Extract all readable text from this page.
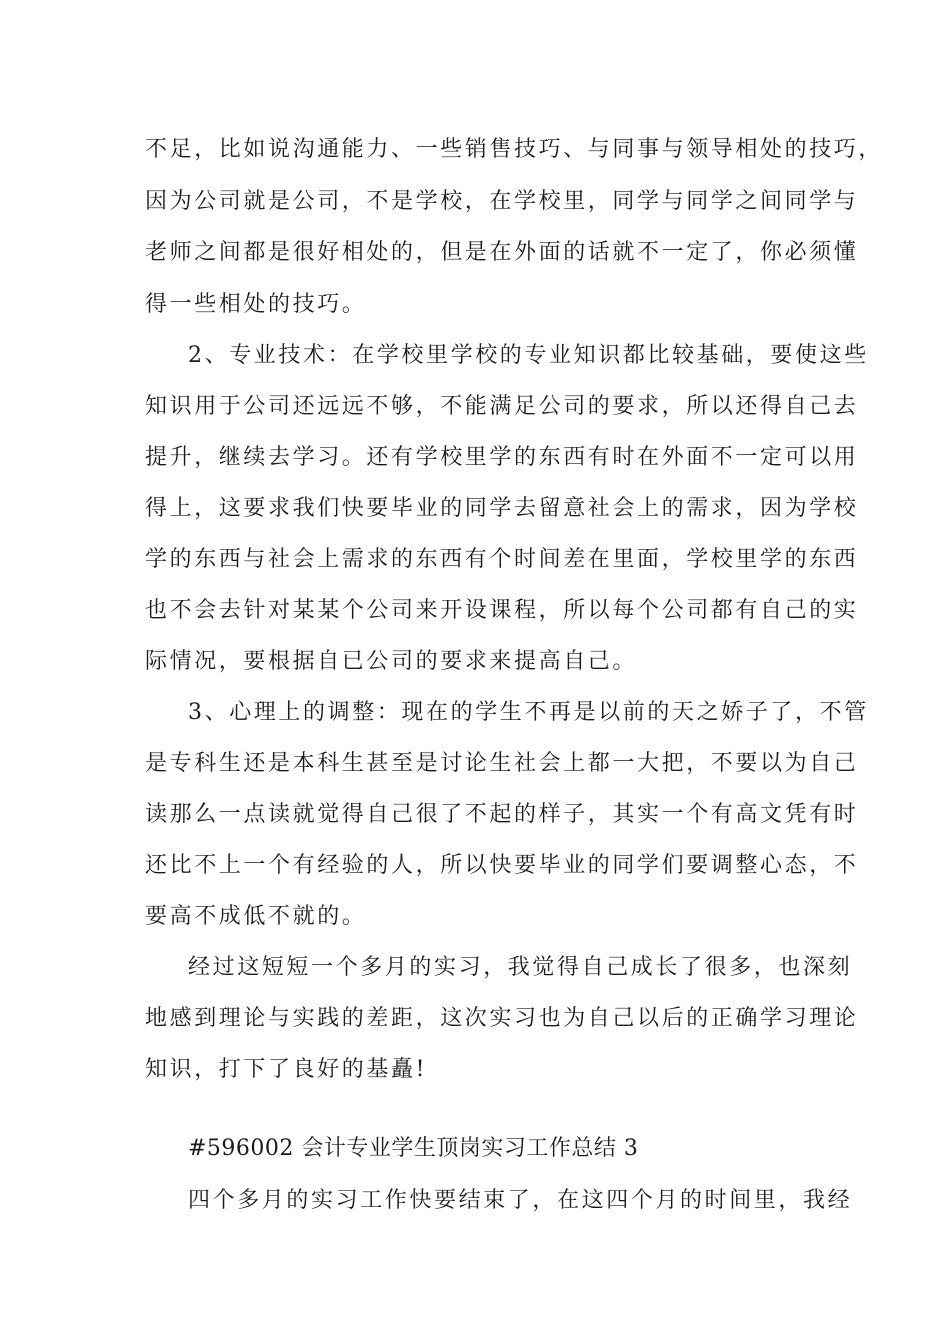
不足，比如说沟通能力、一些销售技巧、与同事与领导相处的技巧，
因为公司就是公司，不是学校，在学校里，同学与同学之间同学与
老师之间都是很好相处的，但是在外面的话就不一定了，你必须懂
得一些相处的技巧。
2、专业技术：在学校里学校的专业知识都比较基础，要使这些
知识用于公司还远远不够，不能满足公司的要求，所以还得自己去
提升，继续去学习。还有学校里学的东西有时在外面不一定可以用
得上，这要求我们快要毕业的同学去留意社会上的需求，因为学校
学的东西与社会上需求的东西有个时间差在里面，学校里学的东西
也不会去针对某某个公司来开设课程，所以每个公司都有自己的实
际情况，要根据自已公司的要求来提高自己。
3、心理上的调整：现在的学生不再是以前的天之娇子了，不管
是专科生还是本科生甚至是讨论生社会上都一大把，不要以为自己
读那么一点读就觉得自己很了不起的样子，其实一个有高文凭有时
还比不上一个有经验的人，所以快要毕业的同学们要调整心态，不
要高不成低不就的。
经过这短短一个多月的实习，我觉得自己成长了很多，也深刻
地感到理论与实践的差距，这次实习也为自己以后的正确学习理论
知识，打下了良好的基矗!
#596002 会计专业学生顶岗实习工作总结 3
四个多月的实习工作快要结束了，在这四个月的时间里，我经
